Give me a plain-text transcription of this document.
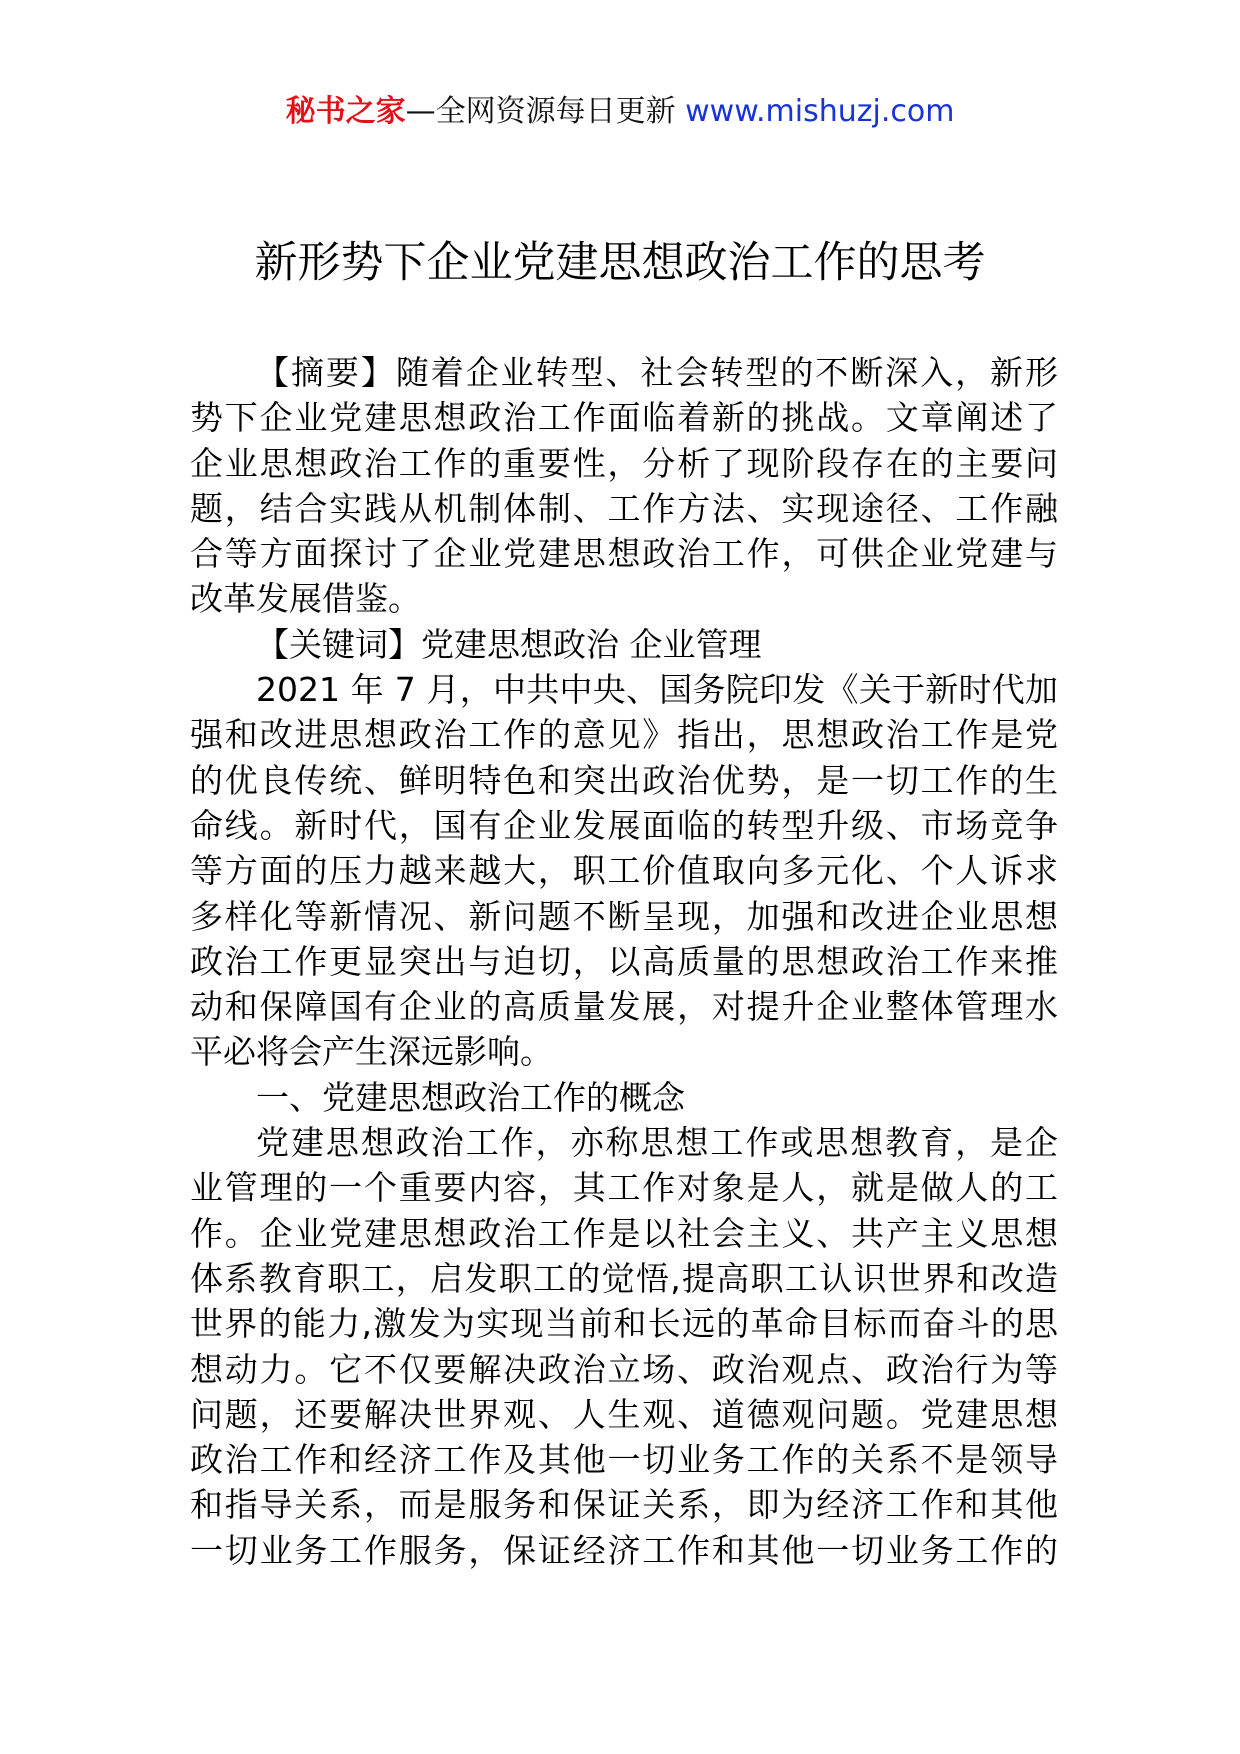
秘书之家—全网资源每日更新 www.mishuzj.com
新形势下企业党建思想政治工作的思考
【摘要】随着企业转型、社会转型的不断深入，新形
势下企业党建思想政治工作面临着新的挑战。文章阐述了
企业思想政治工作的重要性，分析了现阶段存在的主要问
题，结合实践从机制体制、工作方法、实现途径、工作融
合等方面探讨了企业党建思想政治工作，可供企业党建与
改革发展借鉴。
【关键词】党建思想政治 企业管理
2021 年 7 月，中共中央、国务院印发《关于新时代加
强和改进思想政治工作的意见》指出，思想政治工作是党
的优良传统、鲜明特色和突出政治优势，是一切工作的生
命线。新时代，国有企业发展面临的转型升级、市场竞争
等方面的压力越来越大，职工价值取向多元化、个人诉求
多样化等新情况、新问题不断呈现，加强和改进企业思想
政治工作更显突出与迫切，以高质量的思想政治工作来推
动和保障国有企业的高质量发展，对提升企业整体管理水
平必将会产生深远影响。
一、党建思想政治工作的概念
党建思想政治工作，亦称思想工作或思想教育，是企
业管理的一个重要内容，其工作对象是人，就是做人的工
作。企业党建思想政治工作是以社会主义、共产主义思想
体系教育职工，启发职工的觉悟,提高职工认识世界和改造
世界的能力,激发为实现当前和长远的革命目标而奋斗的思
想动力。它不仅要解决政治立场、政治观点、政治行为等
问题，还要解决世界观、人生观、道德观问题。党建思想
政治工作和经济工作及其他一切业务工作的关系不是领导
和指导关系，而是服务和保证关系，即为经济工作和其他
一切业务工作服务，保证经济工作和其他一切业务工作的
